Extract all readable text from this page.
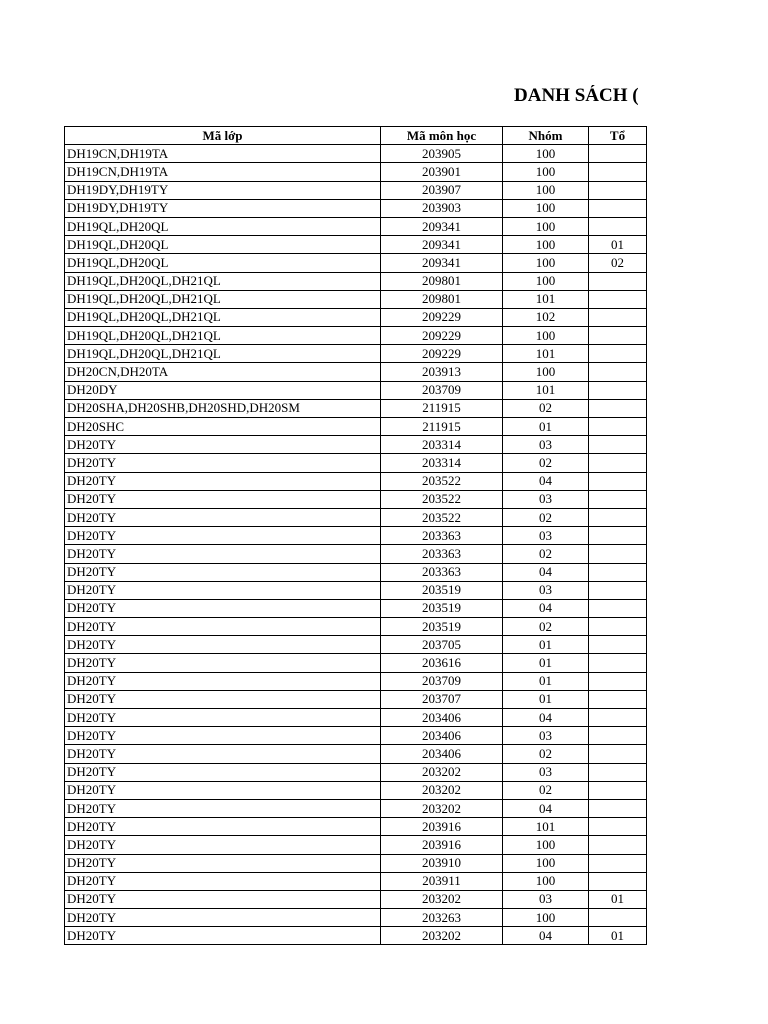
DANH SÁCH (
Mã lớp	Mã môn học	Nhóm	Tổ
DH19CN,DH19TA	203905	100	
DH19CN,DH19TA	203901	100	
DH19DY,DH19TY	203907	100	
DH19DY,DH19TY	203903	100	
DH19QL,DH20QL	209341	100	
DH19QL,DH20QL	209341	100	01
DH19QL,DH20QL	209341	100	02
DH19QL,DH20QL,DH21QL	209801	100	
DH19QL,DH20QL,DH21QL	209801	101	
DH19QL,DH20QL,DH21QL	209229	102	
DH19QL,DH20QL,DH21QL	209229	100	
DH19QL,DH20QL,DH21QL	209229	101	
DH20CN,DH20TA	203913	100	
DH20DY	203709	101	
DH20SHA,DH20SHB,DH20SHD,DH20SM	211915	02	
DH20SHC	211915	01	
DH20TY	203314	03	
DH20TY	203314	02	
DH20TY	203522	04	
DH20TY	203522	03	
DH20TY	203522	02	
DH20TY	203363	03	
DH20TY	203363	02	
DH20TY	203363	04	
DH20TY	203519	03	
DH20TY	203519	04	
DH20TY	203519	02	
DH20TY	203705	01	
DH20TY	203616	01	
DH20TY	203709	01	
DH20TY	203707	01	
DH20TY	203406	04	
DH20TY	203406	03	
DH20TY	203406	02	
DH20TY	203202	03	
DH20TY	203202	02	
DH20TY	203202	04	
DH20TY	203916	101	
DH20TY	203916	100	
DH20TY	203910	100	
DH20TY	203911	100	
DH20TY	203202	03	01
DH20TY	203263	100	
DH20TY	203202	04	01
